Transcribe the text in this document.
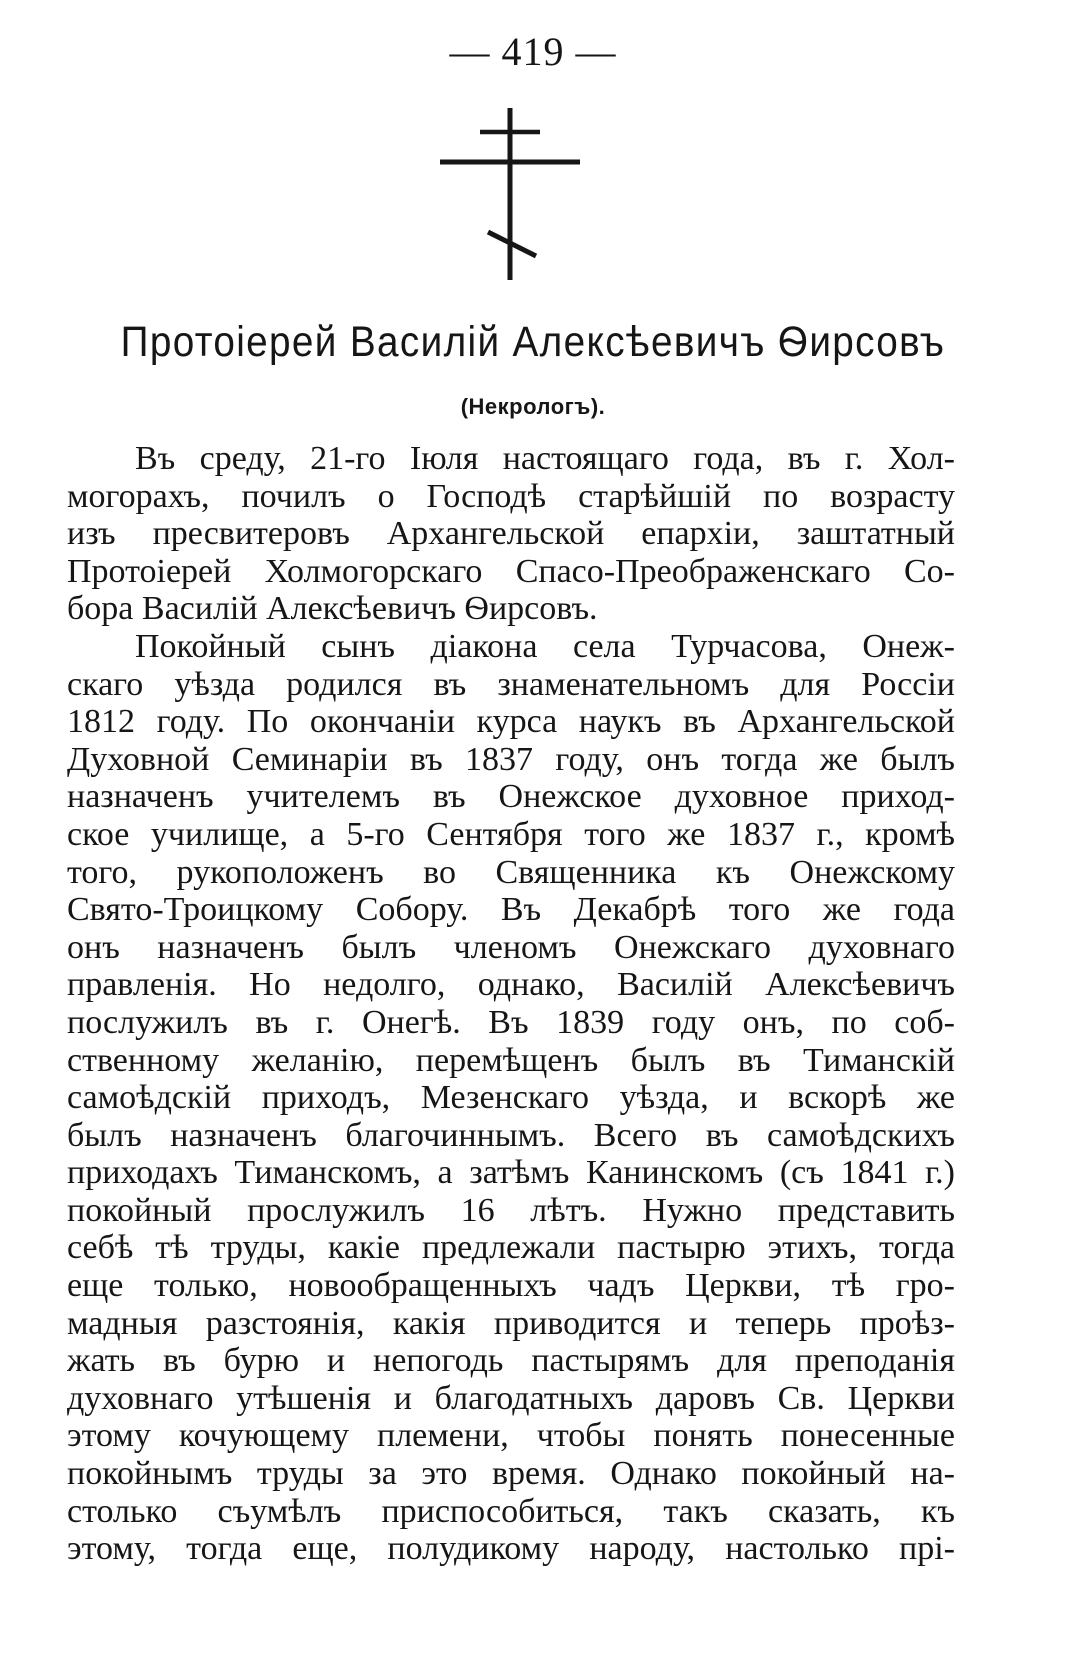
— 419 —
Протоіерей Василій Алексѣевичъ Ѳирсовъ
(Некрологъ).
Въ среду, 21-го Іюля настоящаго года, въ г. Хол-
могорахъ, почилъ о Господѣ старѣйшій по возрасту
изъ пресвитеровъ Архангельской епархіи, заштатный
Протоіерей Холмогорскаго Спасо-Преображенскаго Со-
бора Василій Алексѣевичъ Ѳирсовъ.
Покойный сынъ діакона села Турчасова, Онеж-
скаго уѣзда родился въ знаменательномъ для Россіи
1812 году. По окончаніи курса наукъ въ Архангельской
Духовной Семинаріи въ 1837 году, онъ тогда же былъ
назначенъ учителемъ въ Онежское духовное приход-
ское училище, а 5-го Сентября того же 1837 г., кромѣ
того, рукоположенъ во Священника къ Онежскому
Свято-Троицкому Собору. Въ Декабрѣ того же года
онъ назначенъ былъ членомъ Онежскаго духовнаго
правленія. Но недолго, однако, Василій Алексѣевичъ
послужилъ въ г. Онегѣ. Въ 1839 году онъ, по соб-
ственному желанію, перемѣщенъ былъ въ Тиманскій
самоѣдскій приходъ, Мезенскаго уѣзда, и вскорѣ же
былъ назначенъ благочиннымъ. Всего въ самоѣдскихъ
приходахъ Тиманскомъ, а затѣмъ Канинскомъ (съ 1841 г.)
покойный прослужилъ 16 лѣтъ. Нужно представить
себѣ тѣ труды, какіе предлежали пастырю этихъ, тогда
еще только, новообращенныхъ чадъ Церкви, тѣ гро-
мадныя разстоянія, какія приводится и теперь проѣз-
жать въ бурю и непогодь пастырямъ для преподанія
духовнаго утѣшенія и благодатныхъ даровъ Св. Церкви
этому кочующему племени, чтобы понять понесенные
покойнымъ труды за это время. Однако покойный на-
столько съумѣлъ приспособиться, такъ сказать, къ
этому, тогда еще, полудикому народу, настолько прі-
